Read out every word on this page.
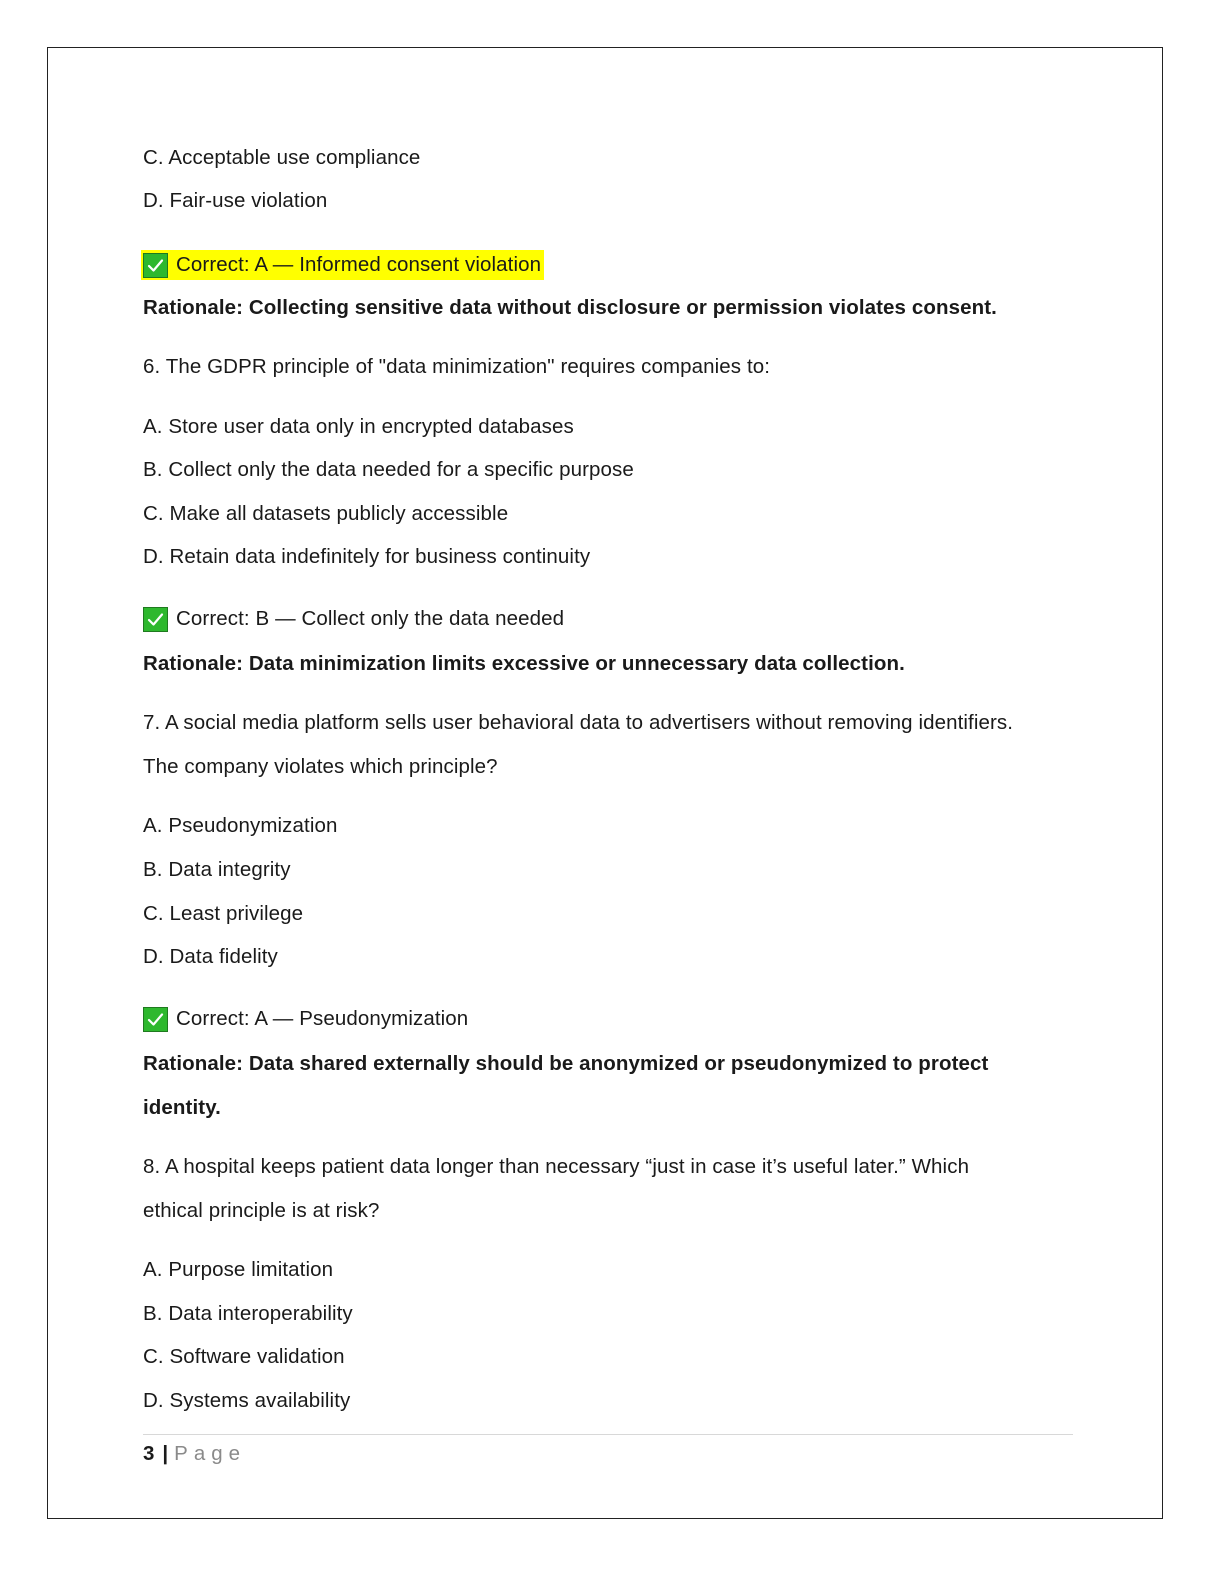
C. Acceptable use compliance
D. Fair-use violation
Correct: A — Informed consent violation
Rationale: Collecting sensitive data without disclosure or permission violates consent.
6. The GDPR principle of "data minimization" requires companies to:
A. Store user data only in encrypted databases
B. Collect only the data needed for a specific purpose
C. Make all datasets publicly accessible
D. Retain data indefinitely for business continuity
Correct: B — Collect only the data needed
Rationale: Data minimization limits excessive or unnecessary data collection.
7. A social media platform sells user behavioral data to advertisers without removing identifiers.
The company violates which principle?
A. Pseudonymization
B. Data integrity
C. Least privilege
D. Data fidelity
Correct: A — Pseudonymization
Rationale: Data shared externally should be anonymized or pseudonymized to protect
identity.
8. A hospital keeps patient data longer than necessary “just in case it’s useful later.” Which
ethical principle is at risk?
A. Purpose limitation
B. Data interoperability
C. Software validation
D. Systems availability
3 | Page
